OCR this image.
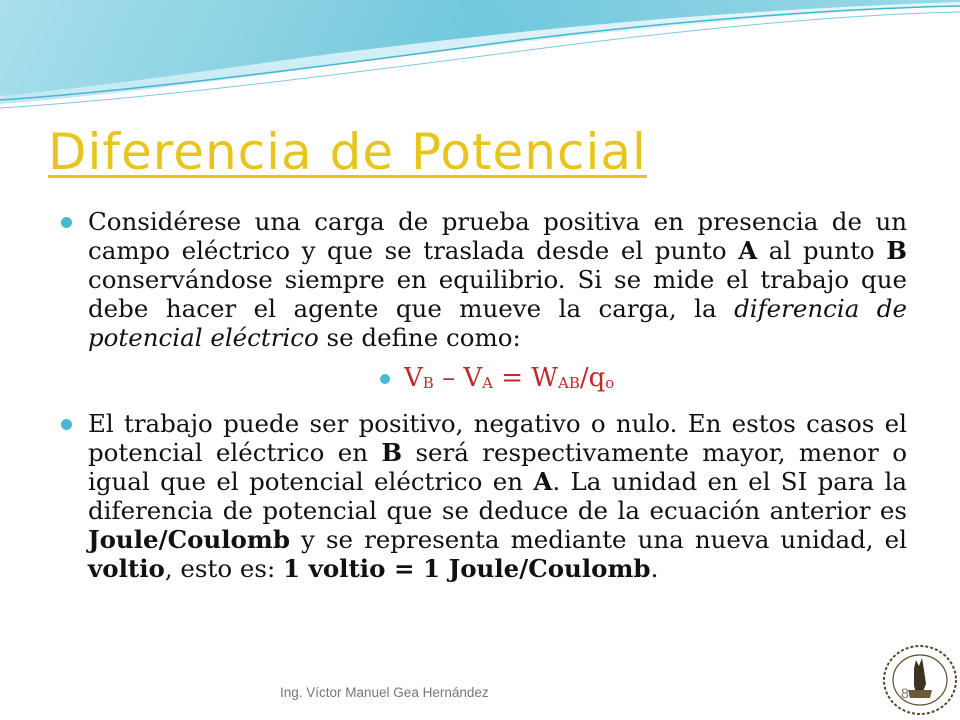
Diferencia de Potencial
Considérese una carga de prueba positiva en presencia de un campo eléctrico y que se traslada desde el punto A al punto B conservándose siempre en equilibrio. Si se mide el trabajo que debe hacer el agente que mueve la carga, la diferencia de potencial eléctrico se define como:
$V_B - V_A = W_{AB}/q_o$
El trabajo puede ser positivo, negativo o nulo. En estos casos el potencial eléctrico en B será respectivamente mayor, menor o igual que el potencial eléctrico en A. La unidad en el SI para la diferencia de potencial que se deduce de la ecuación anterior es Joule/Coulomb y se representa mediante una nueva unidad, el voltio, esto es: 1 voltio = 1 Joule/Coulomb.
Ing. Víctor Manuel Gea Hernández	8
